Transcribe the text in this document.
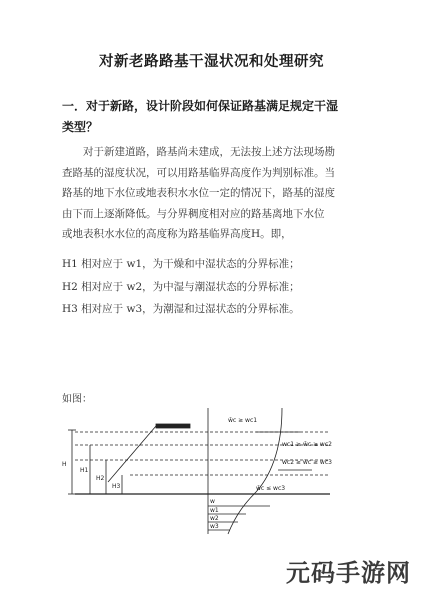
对新老路路基干湿状况和处理研究
一．对于新路，设计阶段如何保证路基满足规定干湿
类型？
对于新建道路，路基尚未建成，无法按上述方法现场勘
查路基的湿度状况，可以用路基临界高度作为判别标准。当
路基的地下水位或地表积水水位一定的情况下，路基的湿度
由下而上逐渐降低。与分界稠度相对应的路基离地下水位
或地表积水水位的高度称为路基临界高度H。即，
H1 相对应于 w1，为干燥和中湿状态的分界标准；
H2 相对应于 w2，为中湿与潮湿状态的分界标准；
H3 相对应于 w3，为潮湿和过湿状态的分界标准。
如图：
H
H1
H2
H3
w̄c ≥ wc1
wc1 ≥ w̄c ≥ wc2
wc2 ≥ w̄c ≥ wc3
w̄c ≤ wc3
w
w1
w2
w3
元码手游网
